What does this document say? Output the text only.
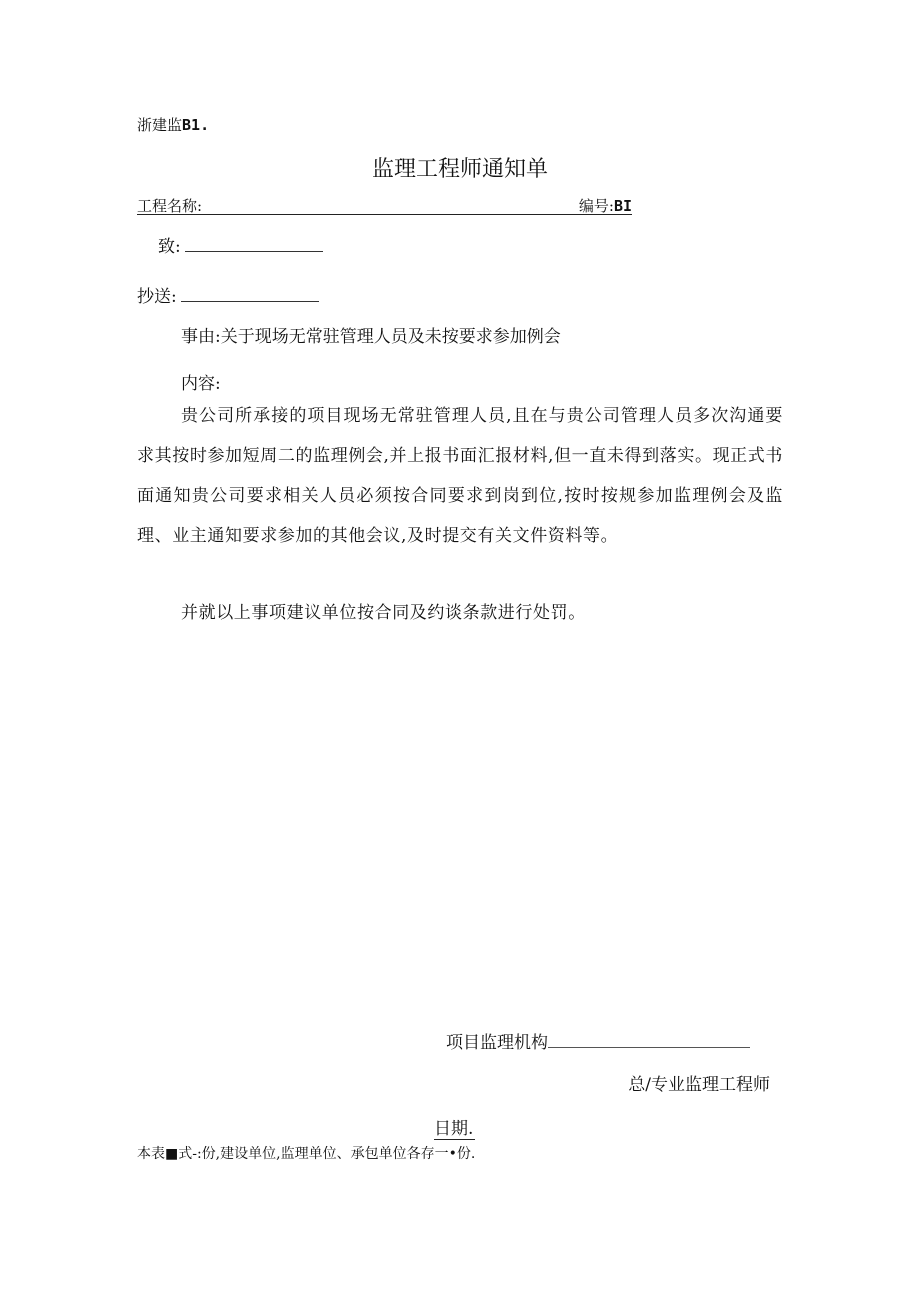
浙建监B1.
监理工程师通知单
工程名称:	编号:BI
致:
抄送:
事由:关于现场无常驻管理人员及未按要求参加例会
内容:

贵公司所承接的项目现场无常驻管理人员,且在与贵公司管理人员多次沟通要求其按时参加短周二的监理例会,并上报书面汇报材料,但一直未得到落实。现正式书面通知贵公司要求相关人员必须按合同要求到岗到位,按时按规参加监理例会及监理、业主通知要求参加的其他会议,及时提交有关文件资料等。

并就以上事项建议单位按合同及约谈条款进行处罚。

项目监理机构
总/专业监理工程师
日期.
本表■式-:份,建设单位,监理单位、承包单位各存一•份.
